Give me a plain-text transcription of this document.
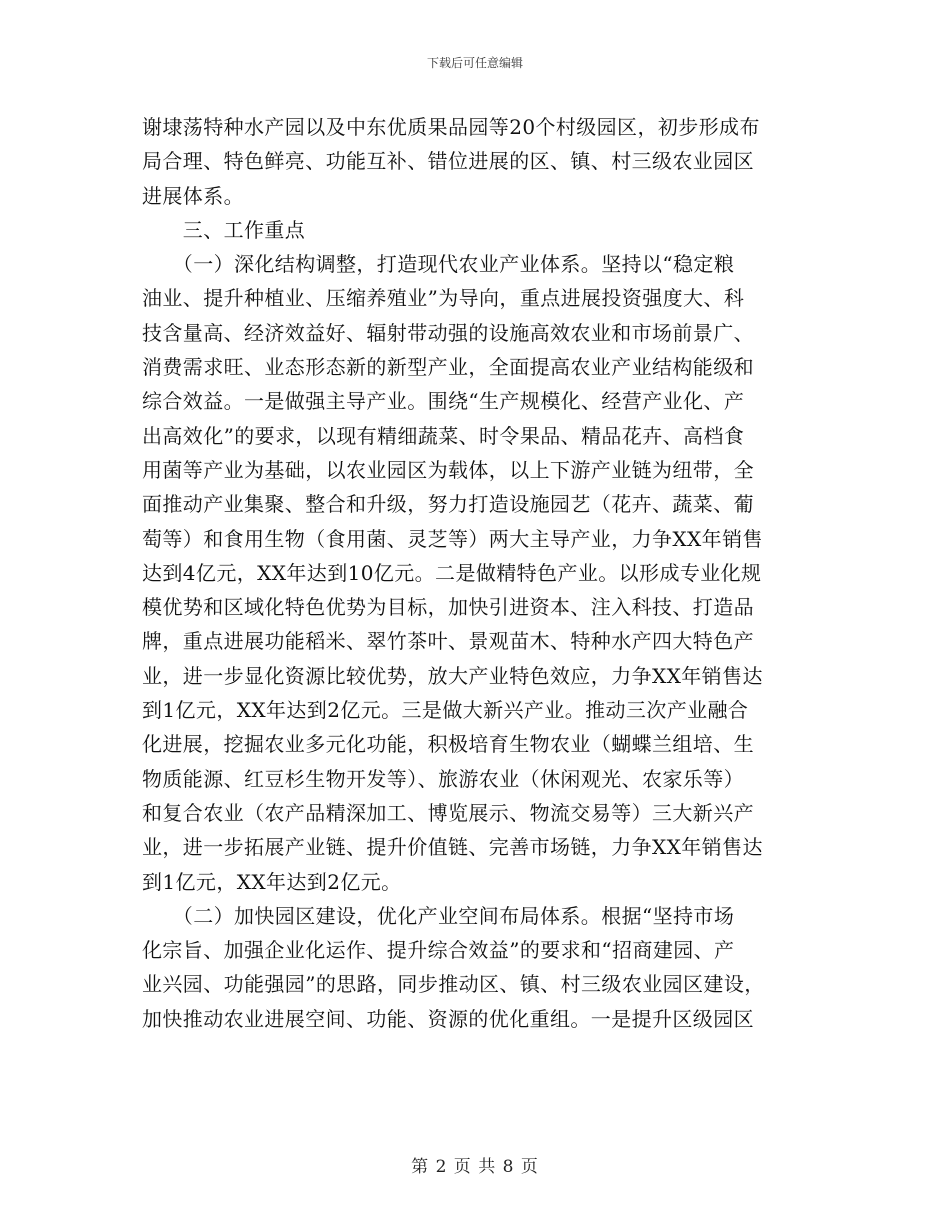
下载后可任意编辑
谢埭荡特种水产园以及中东优质果品园等20个村级园区，初步形成布
局合理、特色鲜亮、功能互补、错位进展的区、镇、村三级农业园区
进展体系。
　　三、工作重点
　　（一）深化结构调整，打造现代农业产业体系。坚持以“稳定粮
油业、提升种植业、压缩养殖业”为导向，重点进展投资强度大、科
技含量高、经济效益好、辐射带动强的设施高效农业和市场前景广、
消费需求旺、业态形态新的新型产业，全面提高农业产业结构能级和
综合效益。一是做强主导产业。围绕“生产规模化、经营产业化、产
出高效化”的要求，以现有精细蔬菜、时令果品、精品花卉、高档食
用菌等产业为基础，以农业园区为载体，以上下游产业链为纽带，全
面推动产业集聚、整合和升级，努力打造设施园艺（花卉、蔬菜、葡
萄等）和食用生物（食用菌、灵芝等）两大主导产业，力争XX年销售
达到4亿元，XX年达到10亿元。二是做精特色产业。以形成专业化规
模优势和区域化特色优势为目标，加快引进资本、注入科技、打造品
牌，重点进展功能稻米、翠竹茶叶、景观苗木、特种水产四大特色产
业，进一步显化资源比较优势，放大产业特色效应，力争XX年销售达
到1亿元，XX年达到2亿元。三是做大新兴产业。推动三次产业融合
化进展，挖掘农业多元化功能，积极培育生物农业（蝴蝶兰组培、生
物质能源、红豆杉生物开发等）、旅游农业（休闲观光、农家乐等）
和复合农业（农产品精深加工、博览展示、物流交易等）三大新兴产
业，进一步拓展产业链、提升价值链、完善市场链，力争XX年销售达
到1亿元，XX年达到2亿元。
　　（二）加快园区建设，优化产业空间布局体系。根据“坚持市场
化宗旨、加强企业化运作、提升综合效益”的要求和“招商建园、产
业兴园、功能强园”的思路，同步推动区、镇、村三级农业园区建设，
加快推动农业进展空间、功能、资源的优化重组。一是提升区级园区
第 2 页 共 8 页
